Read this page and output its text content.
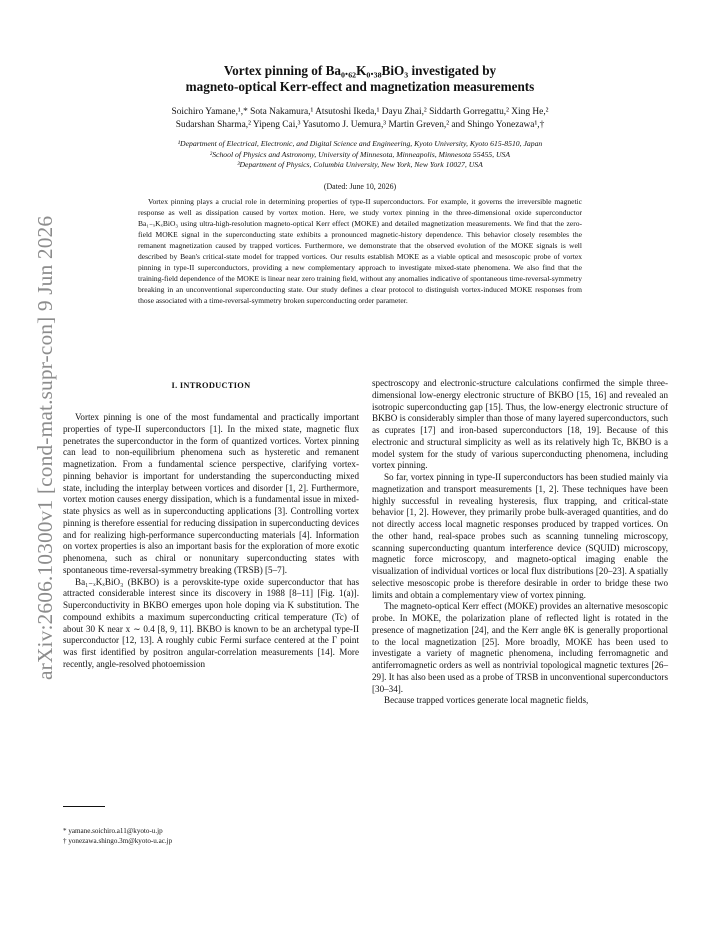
arXiv:2606.10300v1 [cond-mat.supr-con] 9 Jun 2026
Vortex pinning of Ba₀.₆₂K₀.₃₈BiO₃ investigated by
magneto-optical Kerr-effect and magnetization measurements
Soichiro Yamane,¹,* Sota Nakamura,¹ Atsutoshi Ikeda,¹ Dayu Zhai,² Siddarth Gorregattu,² Xing He,²
Sudarshan Sharma,² Yipeng Cai,³ Yasutomo J. Uemura,³ Martin Greven,² and Shingo Yonezawa¹,†
¹Department of Electrical, Electronic, and Digital Science and Engineering, Kyoto University, Kyoto 615-8510, Japan
²School of Physics and Astronomy, University of Minnesota, Minneapolis, Minnesota 55455, USA
³Department of Physics, Columbia University, New York, New York 10027, USA
(Dated: June 10, 2026)

Vortex pinning plays a crucial role in determining properties of type-II superconductors. For example, it governs the irreversible magnetic response as well as dissipation caused by vortex motion. Here, we study vortex pinning in the three-dimensional oxide superconductor Ba₁₋ₓKₓBiO₃ using ultra-high-resolution magneto-optical Kerr effect (MOKE) and detailed magnetization measurements. We find that the zero-field MOKE signal in the superconducting state exhibits a pronounced magnetic-history dependence. This behavior closely resembles the remanent magnetization caused by trapped vortices. Furthermore, we demonstrate that the observed evolution of the MOKE signals is well described by Bean's critical-state model for trapped vortices. Our results establish MOKE as a viable optical and mesoscopic probe of vortex pinning in type-II superconductors, providing a new complementary approach to investigate mixed-state phenomena. We also find that the training-field dependence of the MOKE is linear near zero training field, without any anomalies indicative of spontaneous time-reversal-symmetry breaking in an unconventional superconducting state. Our study defines a clear protocol to distinguish vortex-induced MOKE responses from those associated with a time-reversal-symmetry broken superconducting order parameter.

I. INTRODUCTION

Vortex pinning is one of the most fundamental and practically important properties of type-II superconductors [1]. In the mixed state, magnetic flux penetrates the superconductor in the form of quantized vortices. Vortex pinning can lead to non-equilibrium phenomena such as hysteretic and remanent magnetization. From a fundamental science perspective, clarifying vortex-pinning behavior is important for understanding the superconducting mixed state, including the interplay between vortices and disorder [1, 2]. Furthermore, vortex motion causes energy dissipation, which is a fundamental issue in mixed-state physics as well as in superconducting applications [3]. Controlling vortex pinning is therefore essential for reducing dissipation in superconducting devices and for realizing high-performance superconducting materials [4]. Information on vortex properties is also an important basis for the exploration of more exotic phenomena, such as chiral or nonunitary superconducting states with spontaneous time-reversal-symmetry breaking (TRSB) [5–7].

Ba₁₋ₓKₓBiO₃ (BKBO) is a perovskite-type oxide superconductor that has attracted considerable interest since its discovery in 1988 [8–11] [Fig. 1(a)]. Superconductivity in BKBO emerges upon hole doping via K substitution. The compound exhibits a maximum superconducting critical temperature (Tc) of about 30 K near x ∼ 0.4 [8, 9, 11]. BKBO is known to be an archetypal type-II superconductor [12, 13]. A roughly cubic Fermi surface centered at the Γ point was first identified by positron angular-correlation measurements [14]. More recently, angle-resolved photoemission

spectroscopy and electronic-structure calculations confirmed the simple three-dimensional low-energy electronic structure of BKBO [15, 16] and revealed an isotropic superconducting gap [15]. Thus, the low-energy electronic structure of BKBO is considerably simpler than those of many layered superconductors, such as cuprates [17] and iron-based superconductors [18, 19]. Because of this electronic and structural simplicity as well as its relatively high Tc, BKBO is a model system for the study of various superconducting phenomena, including vortex pinning.

So far, vortex pinning in type-II superconductors has been studied mainly via magnetization and transport measurements [1, 2]. These techniques have been highly successful in revealing hysteresis, flux trapping, and critical-state behavior [1, 2]. However, they primarily probe bulk-averaged quantities, and do not directly access local magnetic responses produced by trapped vortices. On the other hand, real-space probes such as scanning tunneling microscopy, scanning superconducting quantum interference device (SQUID) microscopy, magnetic force microscopy, and magneto-optical imaging enable the visualization of individual vortices or local flux distributions [20–23]. A spatially selective mesoscopic probe is therefore desirable in order to bridge these two limits and obtain a complementary view of vortex pinning.

The magneto-optical Kerr effect (MOKE) provides an alternative mesoscopic probe. In MOKE, the polarization plane of reflected light is rotated in the presence of magnetization [24], and the Kerr angle θK is generally proportional to the local magnetization [25]. More broadly, MOKE has been used to investigate a variety of magnetic phenomena, including ferromagnetic and antiferromagnetic orders as well as nontrivial topological magnetic textures [26–29]. It has also been used as a probe of TRSB in unconventional superconductors [30–34].

Because trapped vortices generate local magnetic fields,

* yamane.soichiro.a11@kyoto-u.jp
† yonezawa.shingo.3m@kyoto-u.ac.jp
